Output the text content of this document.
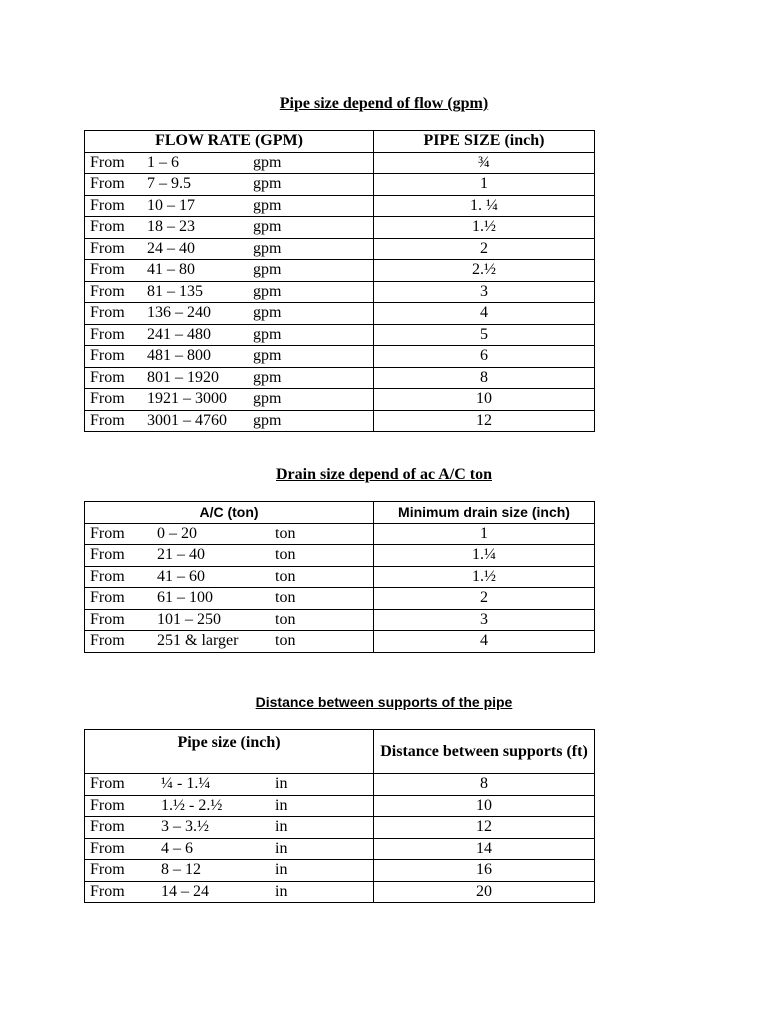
Pipe size depend of flow (gpm)
FLOW RATE (GPM)	PIPE SIZE (inch)
From 1 – 6 gpm	¾
From 7 – 9.5 gpm	1
From 10 – 17 gpm	1. ¼
From 18 – 23 gpm	1.½
From 24 – 40 gpm	2
From 41 – 80 gpm	2.½
From 81 – 135 gpm	3
From 136 – 240 gpm	4
From 241 – 480 gpm	5
From 481 – 800 gpm	6
From 801 – 1920 gpm	8
From 1921 – 3000 gpm	10
From 3001 – 4760 gpm	12
Drain size depend of ac A/C ton
A/C (ton)	Minimum drain size (inch)
From 0 – 20 ton	1
From 21 – 40 ton	1.¼
From 41 – 60 ton	1.½
From 61 – 100 ton	2
From 101 – 250 ton	3
From 251 & larger ton	4
Distance between supports of the pipe
Pipe size (inch)	Distance between supports (ft)
From ¼ - 1.¼ in	8
From 1.½ - 2.½ in	10
From 3 – 3.½ in	12
From 4 – 6 in	14
From 8 – 12 in	16
From 14 – 24 in	20
